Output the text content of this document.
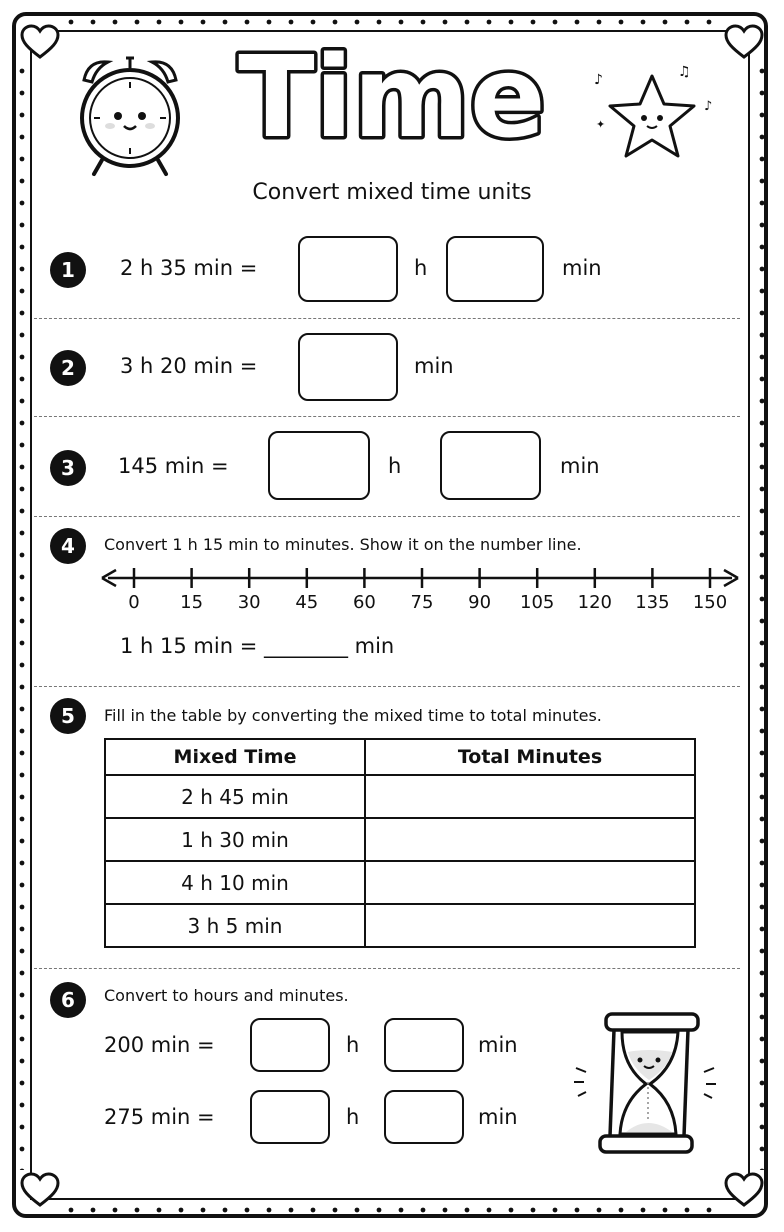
Time	♪	♫
♪
✦
Convert mixed time units
1	2 h 35 min =	h	min
2	3 h 20 min =	min
3	145 min =	h	min
4	Convert 1 h 15 min to minutes. Show it on the number line.
0 15 30 45 60 75 90 105 120 135 150
1 h 15 min = ________ min
5	Fill in the table by converting the mixed time to total minutes.
Mixed Time	Total Minutes
2 h 45 min	
1 h 30 min	
4 h 10 min	
3 h 5 min	
6	Convert to hours and minutes.
200 min =	h	min
275 min =	h	min
